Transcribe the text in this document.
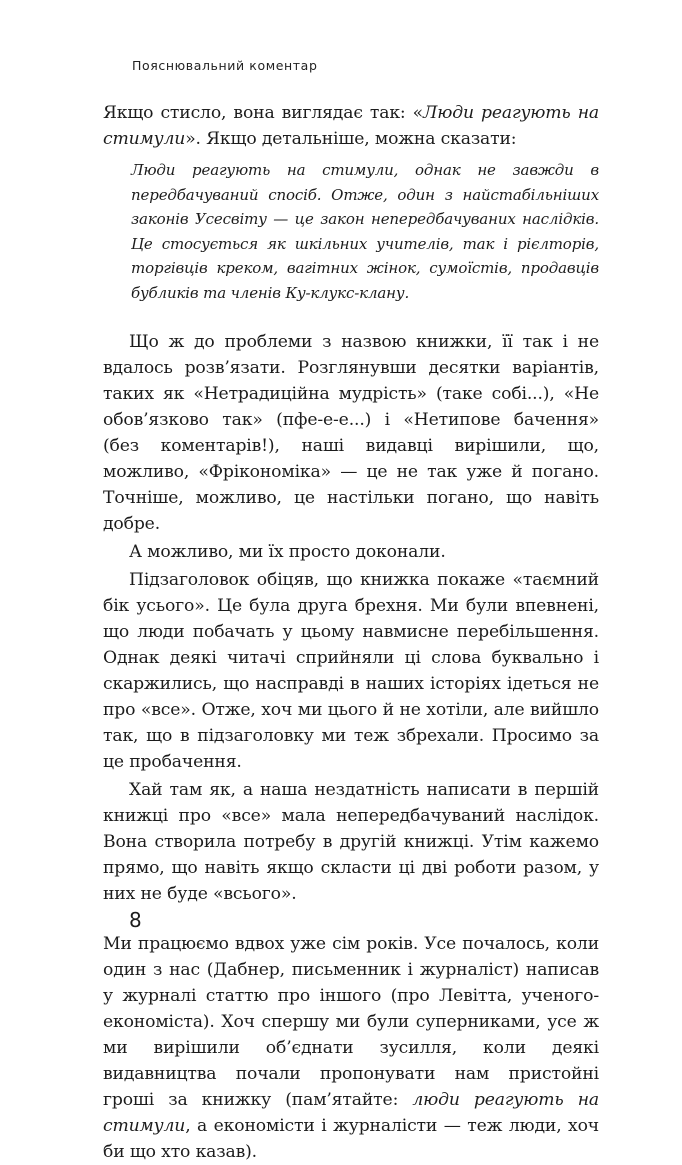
Пояснювальний коментар

Якщо стисло, вона виглядає так: «Люди реагують на стимули». Якщо детальніше, можна сказати:

Люди реагують на стимули, однак не завжди в передбачуваний спосіб. Отже, один з найстабільніших законів Усесвіту — це закон непередбачуваних наслідків. Це стосується як шкільних учителів, так і рієлторів, торгівців креком, вагітних жінок, сумоїстів, продавців бубликів та членів Ку-клукс-клану.

Що ж до проблеми з назвою книжки, її так і не вдалось розв’язати. Розглянувши десятки варіантів, таких як «Нетрадиційна мудрість» (таке собі...), «Не обов’язково так» (пфе-е-е...) і «Нетипове бачення» (без коментарів!), наші видавці вирішили, що, можливо, «Фрікономіка» — це не так уже й погано. Точніше, можливо, це настільки погано, що навіть добре.

А можливо, ми їх просто доконали.

Підзаголовок обіцяв, що книжка покаже «таємний бік усього». Це була друга брехня. Ми були впевнені, що люди побачать у цьому навмисне перебільшення. Однак деякі читачі сприйняли ці слова буквально і скаржились, що насправді в наших історіях ідеться не про «все». Отже, хоч ми цього й не хотіли, але вийшло так, що в підзаголовку ми теж збрехали. Просимо за це пробачення.

Хай там як, а наша нездатність написати в першій книжці про «все» мала непередбачуваний наслідок. Вона створила потребу в другій книжці. Утім кажемо прямо, що навіть якщо скласти ці дві роботи разом, у них не буде «всього».

Ми працюємо вдвох уже сім років. Усе почалось, коли один з нас (Дабнер, письменник і журналіст) написав у журналі статтю про іншого (про Левітта, ученого-економіста). Хоч спершу ми були суперниками, усе ж ми вирішили об’єднати зусилля, коли деякі видавництва почали пропонувати нам пристойні гроші за книжку (пам’ятайте: люди реагують на стимули, а економісти і журналісти — теж люди, хоч би що хто казав).

8
